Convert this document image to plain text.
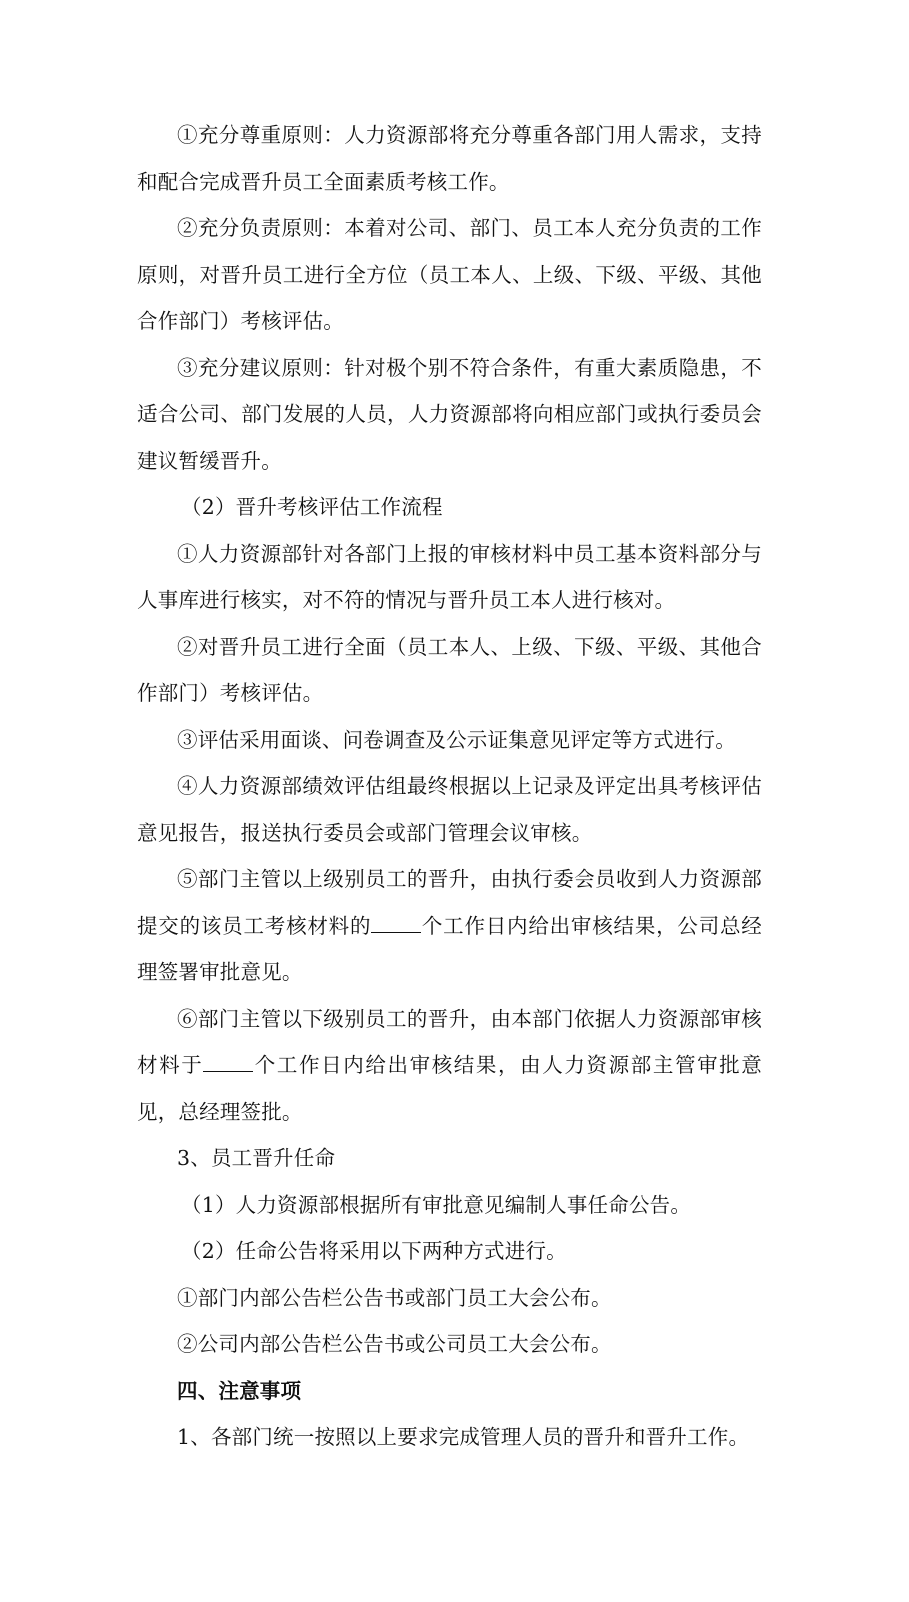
①充分尊重原则：人力资源部将充分尊重各部门用人需求，支持和配合完成晋升员工全面素质考核工作。

②充分负责原则：本着对公司、部门、员工本人充分负责的工作原则，对晋升员工进行全方位（员工本人、上级、下级、平级、其他合作部门）考核评估。

③充分建议原则：针对极个别不符合条件，有重大素质隐患，不适合公司、部门发展的人员，人力资源部将向相应部门或执行委员会建议暂缓晋升。

（2）晋升考核评估工作流程

①人力资源部针对各部门上报的审核材料中员工基本资料部分与人事库进行核实，对不符的情况与晋升员工本人进行核对。

②对晋升员工进行全面（员工本人、上级、下级、平级、其他合作部门）考核评估。

③评估采用面谈、问卷调查及公示证集意见评定等方式进行。

④人力资源部绩效评估组最终根据以上记录及评定出具考核评估意见报告，报送执行委员会或部门管理会议审核。

⑤部门主管以上级别员工的晋升，由执行委会员收到人力资源部提交的该员工考核材料的 个工作日内给出审核结果，公司总经理签署审批意见。

⑥部门主管以下级别员工的晋升，由本部门依据人力资源部审核材料于 个工作日内给出审核结果，由人力资源部主管审批意见，总经理签批。

3、员工晋升任命

（1）人力资源部根据所有审批意见编制人事任命公告。

（2）任命公告将采用以下两种方式进行。

①部门内部公告栏公告书或部门员工大会公布。

②公司内部公告栏公告书或公司员工大会公布。

四、注意事项

1、各部门统一按照以上要求完成管理人员的晋升和晋升工作。
